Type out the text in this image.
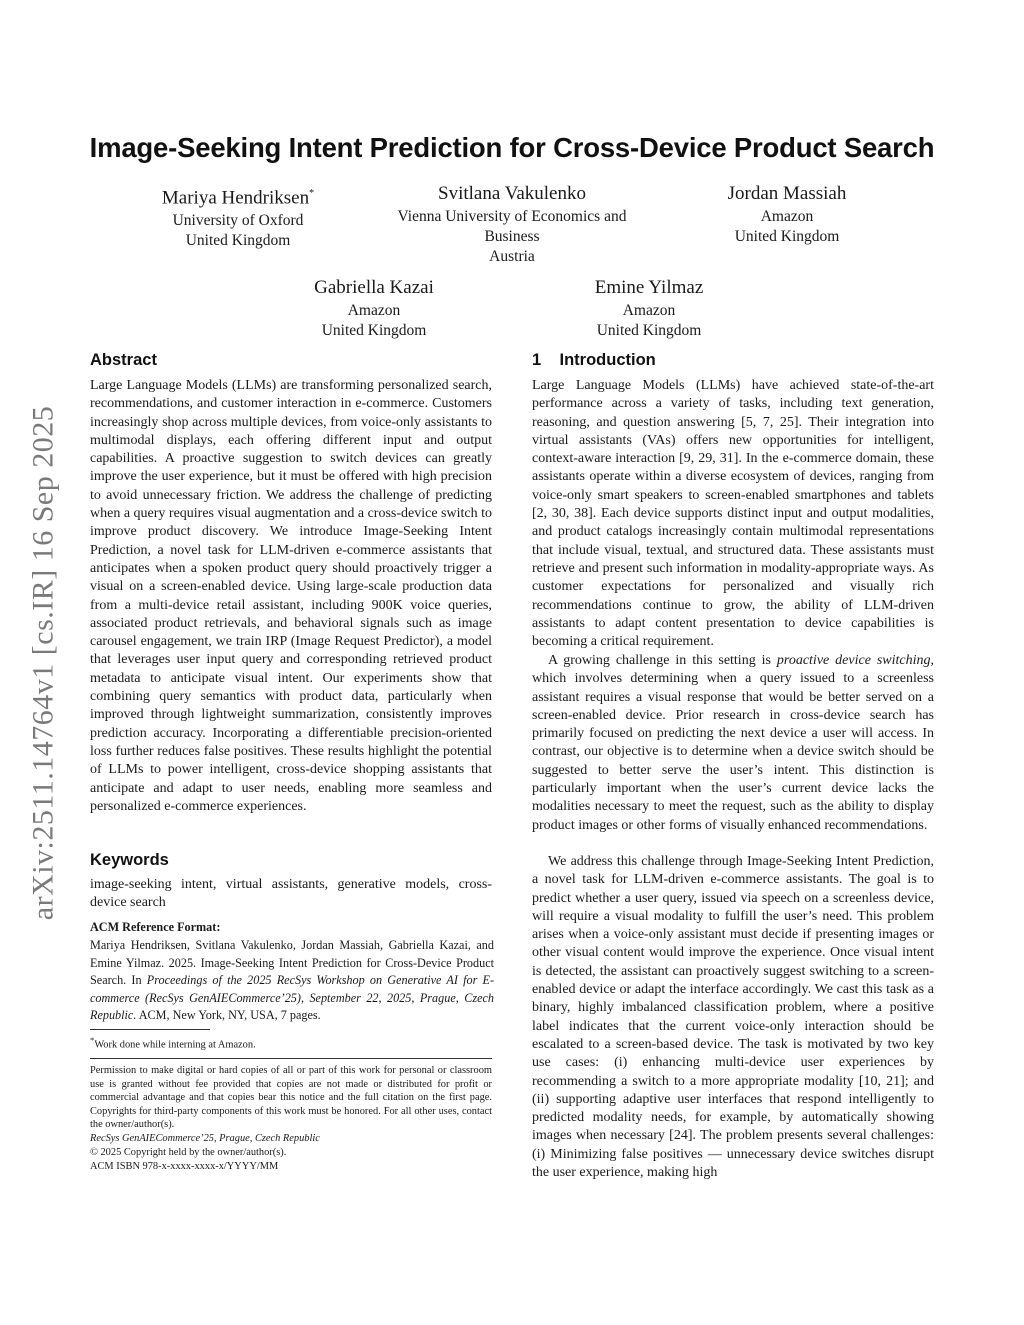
arXiv:2511.14764v1 [cs.IR] 16 Sep 2025
Image-Seeking Intent Prediction for Cross-Device Product Search
Mariya Hendriksen*
University of Oxford
United Kingdom
Svitlana Vakulenko
Vienna University of Economics and
Business
Austria
Jordan Massiah
Amazon
United Kingdom
Gabriella Kazai
Amazon
United Kingdom
Emine Yilmaz
Amazon
United Kingdom
Abstract

Large Language Models (LLMs) are transforming personalized search, recommendations, and customer interaction in e-commerce. Customers increasingly shop across multiple devices, from voice-only assistants to multimodal displays, each offering different input and output capabilities. A proactive suggestion to switch devices can greatly improve the user experience, but it must be offered with high precision to avoid unnecessary friction. We address the challenge of predicting when a query requires visual augmentation and a cross-device switch to improve product discovery. We introduce Image-Seeking Intent Prediction, a novel task for LLM-driven e-commerce assistants that anticipates when a spoken product query should proactively trigger a visual on a screen-enabled device. Using large-scale production data from a multi-device retail assistant, including 900K voice queries, associated product retrievals, and behavioral signals such as image carousel engagement, we train IRP (Image Request Predictor), a model that leverages user input query and corresponding retrieved product metadata to anticipate visual intent. Our experiments show that combining query semantics with product data, particularly when improved through lightweight summarization, consistently improves prediction accuracy. Incorporating a differentiable precision-oriented loss further reduces false positives. These results highlight the potential of LLMs to power intelligent, cross-device shopping assistants that anticipate and adapt to user needs, enabling more seamless and personalized e-commerce experiences.

Keywords

image-seeking intent, virtual assistants, generative models, cross-device search

ACM Reference Format:
Mariya Hendriksen, Svitlana Vakulenko, Jordan Massiah, Gabriella Kazai, and Emine Yilmaz. 2025. Image-Seeking Intent Prediction for Cross-Device Product Search. In Proceedings of the 2025 RecSys Workshop on Generative AI for E-commerce (RecSys GenAIECommerce’25), September 22, 2025, Prague, Czech Republic. ACM, New York, NY, USA, 7 pages.
*Work done while interning at Amazon.
Permission to make digital or hard copies of all or part of this work for personal or classroom use is granted without fee provided that copies are not made or distributed for profit or commercial advantage and that copies bear this notice and the full citation on the first page. Copyrights for third-party components of this work must be honored. For all other uses, contact the owner/author(s).
RecSys GenAIECommerce’25, Prague, Czech Republic
© 2025 Copyright held by the owner/author(s).
ACM ISBN 978-x-xxxx-xxxx-x/YYYY/MM
1    Introduction

Large Language Models (LLMs) have achieved state-of-the-art performance across a variety of tasks, including text generation, reasoning, and question answering [5, 7, 25]. Their integration into virtual assistants (VAs) offers new opportunities for intelligent, context-aware interaction [9, 29, 31]. In the e-commerce domain, these assistants operate within a diverse ecosystem of devices, ranging from voice-only smart speakers to screen-enabled smartphones and tablets [2, 30, 38]. Each device supports distinct input and output modalities, and product catalogs increasingly contain multimodal representations that include visual, textual, and structured data. These assistants must retrieve and present such information in modality-appropriate ways. As customer expectations for personalized and visually rich recommendations continue to grow, the ability of LLM-driven assistants to adapt content presentation to device capabilities is becoming a critical requirement.

A growing challenge in this setting is proactive device switching, which involves determining when a query issued to a screenless assistant requires a visual response that would be better served on a screen-enabled device. Prior research in cross-device search has primarily focused on predicting the next device a user will access. In contrast, our objective is to determine when a device switch should be suggested to better serve the user’s intent. This distinction is particularly important when the user’s current device lacks the modalities necessary to meet the request, such as the ability to display product images or other forms of visually enhanced recommendations.

We address this challenge through Image-Seeking Intent Prediction, a novel task for LLM-driven e-commerce assistants. The goal is to predict whether a user query, issued via speech on a screenless device, will require a visual modality to fulfill the user’s need. This problem arises when a voice-only assistant must decide if presenting images or other visual content would improve the experience. Once visual intent is detected, the assistant can proactively suggest switching to a screen-enabled device or adapt the interface accordingly. We cast this task as a binary, highly imbalanced classification problem, where a positive label indicates that the current voice-only interaction should be escalated to a screen-based device. The task is motivated by two key use cases: (i) enhancing multi-device user experiences by recommending a switch to a more appropriate modality [10, 21]; and (ii) supporting adaptive user interfaces that respond intelligently to predicted modality needs, for example, by automatically showing images when necessary [24]. The problem presents several challenges: (i) Minimizing false positives — unnecessary device switches disrupt the user experience, making high
